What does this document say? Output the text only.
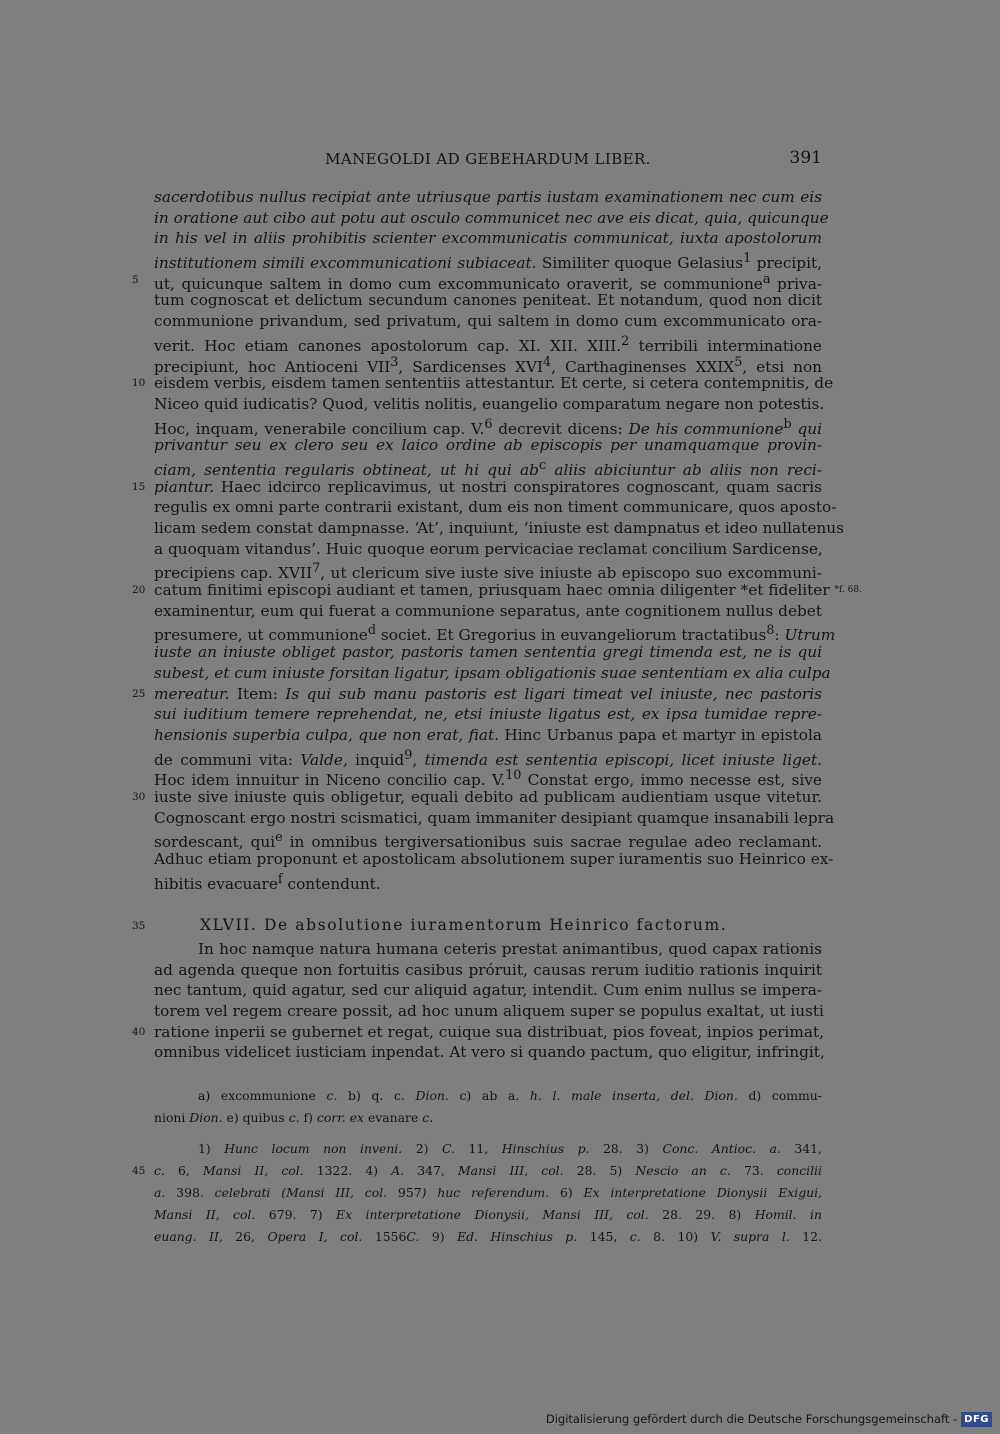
MANEGOLDI AD GEBEHARDUM LIBER.	391
sacerdotibus nullus recipiat ante utriusque partis iustam examinationem nec cum eis
in oratione aut cibo aut potu aut osculo communicet nec ave eis dicat, quia, quicunque
in his vel in aliis prohibitis scienter excommunicatis communicat, iuxta apostolorum
institutionem simili excommunicationi subiaceat. Similiter quoque Gelasius$^1$ precipit,
5	ut, quicunque saltem in domo cum excommunicato oraverit, se communione$^a$ priva-
tum cognoscat et delictum secundum canones peniteat. Et notandum, quod non dicit
communione privandum, sed privatum, qui saltem in domo cum excommunicato ora-
verit. Hoc etiam canones apostolorum cap. XI. XII. XIII.$^2$ terribili interminatione
precipiunt, hoc Antioceni VII$^3$, Sardicenses XVI$^4$, Carthaginenses XXIX$^5$, etsi non
10 eisdem verbis, eisdem tamen sententiis attestantur. Et certe, si cetera contempnitis, de
Niceo quid iudicatis? Quod, velitis nolitis, euangelio comparatum negare non potestis.
Hoc, inquam, venerabile concilium cap. V.$^6$ decrevit dicens: De his communione$^b$ qui
privantur seu ex clero seu ex laico ordine ab episcopis per unamquamque provin-
ciam, sententia regularis obtineat, ut hi qui $ab^c$ aliis abiciuntur ab aliis non reci-
15 piantur. Haec idcirco replicavimus, ut nostri conspiratores cognoscant, quam sacris
regulis ex omni parte contrarii existant, dum eis non timent communicare, quos aposto-
licam sedem constat dampnasse. ‘At’, inquiunt, ‘iniuste est dampnatus et ideo nullatenus
a quoquam vitandus’. Huic quoque eorum pervicaciae reclamat concilium Sardicense,
precipiens cap. XVII$^7$, ut clericum sive iuste sive iniuste ab episcopo suo excommuni-
20 catum finitimi episcopi audiant et tamen, priusquam haec omnia diligenter *et fideliter *f. 68.
examinentur, eum qui fuerat a communione separatus, ante cognitionem nullus debet
presumere, ut communione$^d$ societ. Et Gregorius in euvangeliorum tractatibus$^8$: Utrum
iuste an iniuste obliget pastor, pastoris tamen sententia gregi timenda est, ne is qui
subest, et cum iniuste forsitan ligatur, ipsam obligationis suae sententiam ex alia culpa
25 mereatur. Item: Is qui sub manu pastoris est ligari timeat vel iniuste, nec pastoris
sui iuditium temere reprehendat, ne, etsi iniuste ligatus est, ex ipsa tumidae repre-
hensionis superbia culpa, que non erat, fiat. Hinc Urbanus papa et martyr in epistola
de communi vita: Valde, inquid$^9$, timenda est sententia episcopi, licet iniuste liget.
Hoc idem innuitur in Niceno concilio cap. V.$^{10}$ Constat ergo, immo necesse est, sive
30 iuste sive iniuste quis obligetur, equali debito ad publicam audientiam usque vitetur.
Cognoscant ergo nostri scismatici, quam immaniter desipiant quamque insanabili lepra
sordescant, qui$^e$ in omnibus tergiversationibus suis sacrae regulae adeo reclamant.
Adhuc etiam proponunt et apostolicam absolutionem super iuramentis suo Heinrico ex-
hibitis evacuare$^f$ contendunt.
35	XLVII. De absolutione iuramentorum Heinrico factorum.
In hoc namque natura humana ceteris prestat animantibus, quod capax rationis
ad agenda queque non fortuitis casibus próruit, causas rerum iuditio rationis inquirit
nec tantum, quid agatur, sed cur aliquid agatur, intendit. Cum enim nullus se impera-
torem vel regem creare possit, ad hoc unum aliquem super se populus exaltat, ut iusti
40 ratione inperii se gubernet et regat, cuique sua distribuat, pios foveat, inpios perimat,
omnibus videlicet iusticiam inpendat. At vero si quando pactum, quo eligitur, infringit,
a) excommunione c. b) q. c. Dion. c) ab a. h. l. male inserta, del. Dion. d) commu-
nioni Dion. e) quibus c. f) corr. ex evanare c.
1) Hunc locum non inveni. 2) C. 11, Hinschius p. 28. 3) Conc. Antioc. a. 341,
45 c. 6, Mansi II, col. 1322. 4) A. 347, Mansi III, col. 28. 5) Nescio an c. 73. concilii
a. 398. celebrati (Mansi III, col. 957) huc referendum. 6) Ex interpretatione Dionysii Exigui,
Mansi II, col. 679. 7) Ex interpretatione Dionysii, Mansi III, col. 28. 29. 8) Homil. in
euang. II, 26, Opera I, col. 1556C. 9) Ed. Hinschius p. 145, c. 8. 10) V. supra l. 12.
Digitalisierung gefördert durch die Deutsche Forschungsgemeinschaft - DFG
